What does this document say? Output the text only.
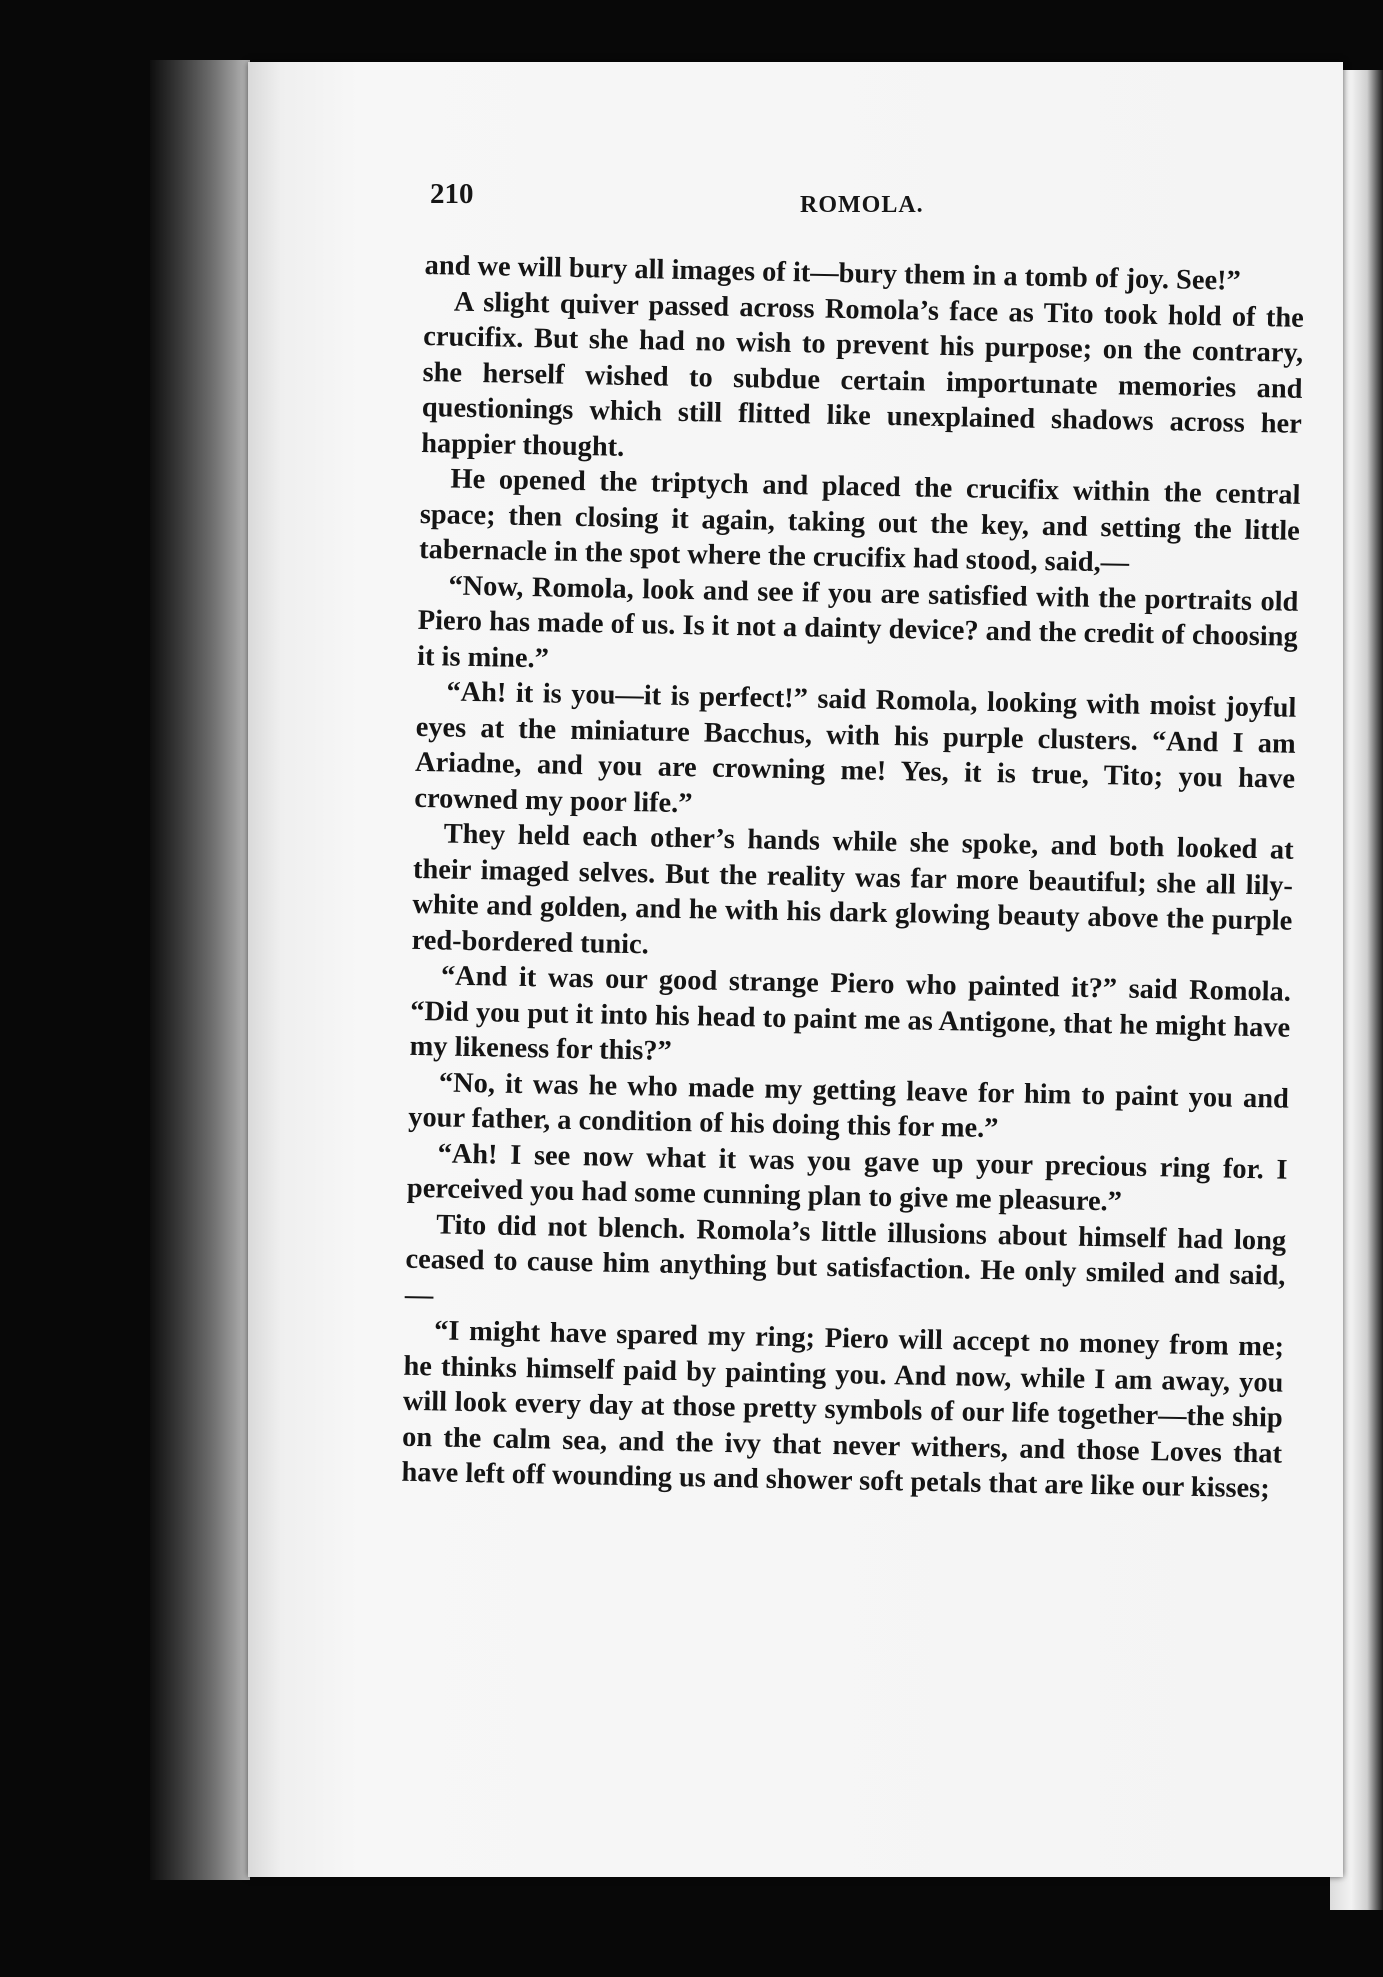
210	ROMOLA.

and we will bury all images of it—bury them in a tomb of joy. See!”

A slight quiver passed across Romola’s face as Tito took hold of the crucifix. But she had no wish to prevent his purpose; on the contrary, she herself wished to subdue certain importunate memories and questionings which still flitted like unexplained shadows across her happier thought.

He opened the triptych and placed the crucifix within the central space; then closing it again, taking out the key, and setting the little tabernacle in the spot where the crucifix had stood, said,—

“Now, Romola, look and see if you are satisfied with the portraits old Piero has made of us. Is it not a dainty device? and the credit of choosing it is mine.”

“Ah! it is you—it is perfect!” said Romola, looking with moist joyful eyes at the miniature Bacchus, with his purple clusters. “And I am Ariadne, and you are crowning me! Yes, it is true, Tito; you have crowned my poor life.”

They held each other’s hands while she spoke, and both looked at their imaged selves. But the reality was far more beautiful; she all lily-white and golden, and he with his dark glowing beauty above the purple red-bordered tunic.

“And it was our good strange Piero who painted it?” said Romola. “Did you put it into his head to paint me as Antigone, that he might have my likeness for this?”

“No, it was he who made my getting leave for him to paint you and your father, a condition of his doing this for me.”

“Ah! I see now what it was you gave up your precious ring for. I perceived you had some cunning plan to give me pleasure.”

Tito did not blench. Romola’s little illusions about himself had long ceased to cause him anything but satisfaction. He only smiled and said,—

“I might have spared my ring; Piero will accept no money from me; he thinks himself paid by painting you. And now, while I am away, you will look every day at those pretty symbols of our life together—the ship on the calm sea, and the ivy that never withers, and those Loves that have left off wounding us and shower soft petals that are like our kisses;
